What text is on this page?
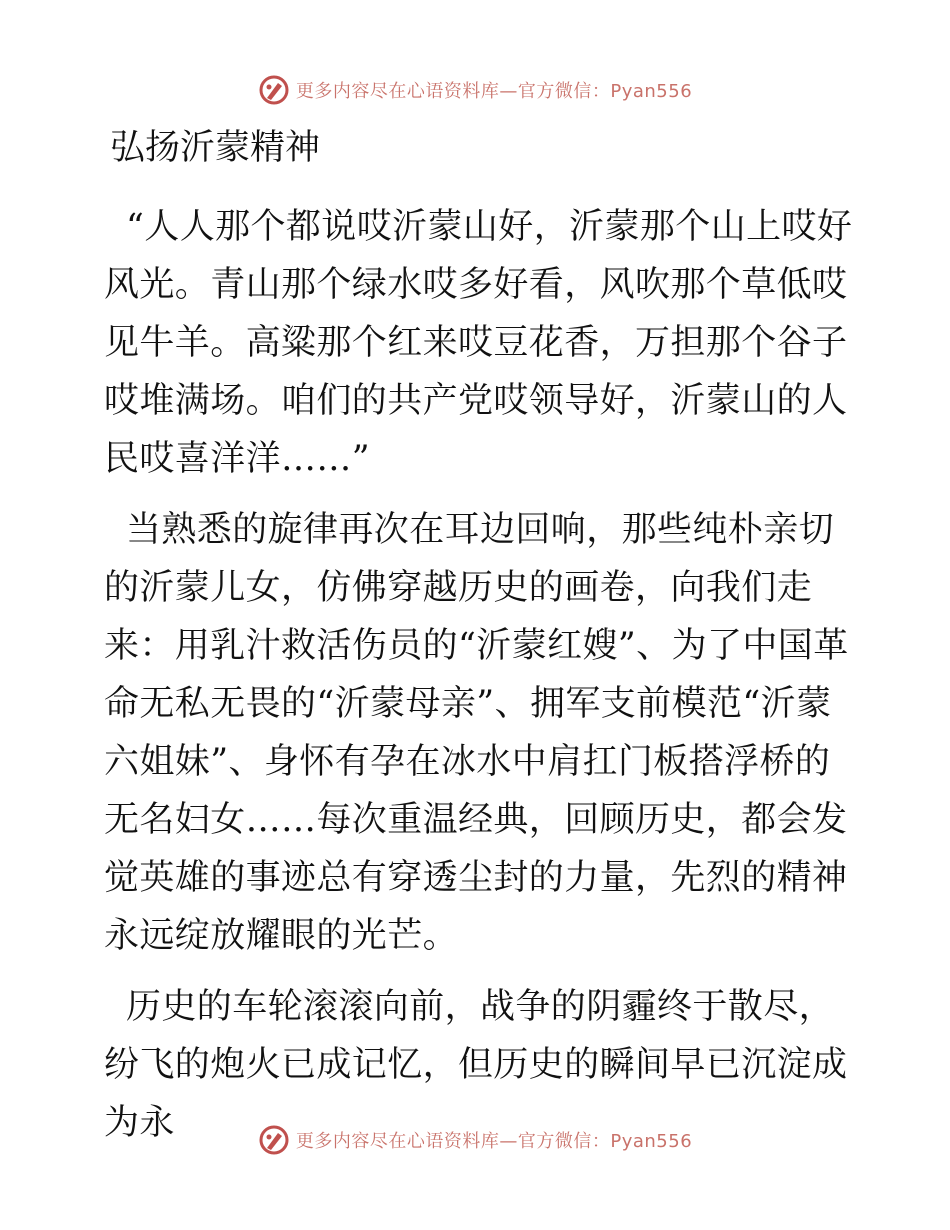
更多内容尽在心语资料库—官方微信：Pyan556
弘扬沂蒙精神

“人人那个都说哎沂蒙山好，沂蒙那个山上哎好风光。青山那个绿水哎多好看，风吹那个草低哎见牛羊。高粱那个红来哎豆花香，万担那个谷子哎堆满场。咱们的共产党哎领导好，沂蒙山的人民哎喜洋洋……”

当熟悉的旋律再次在耳边回响，那些纯朴亲切的沂蒙儿女，仿佛穿越历史的画卷，向我们走来：用乳汁救活伤员的“沂蒙红嫂”、为了中国革命无私无畏的“沂蒙母亲”、拥军支前模范“沂蒙六姐妹”、身怀有孕在冰水中肩扛门板搭浮桥的无名妇女……每次重温经典，回顾历史，都会发觉英雄的事迹总有穿透尘封的力量，先烈的精神永远绽放耀眼的光芒。

历史的车轮滚滚向前，战争的阴霾终于散尽，纷飞的炮火已成记忆，但历史的瞬间早已沉淀成为永	更多内容尽在心语资料库—官方微信：Pyan556
